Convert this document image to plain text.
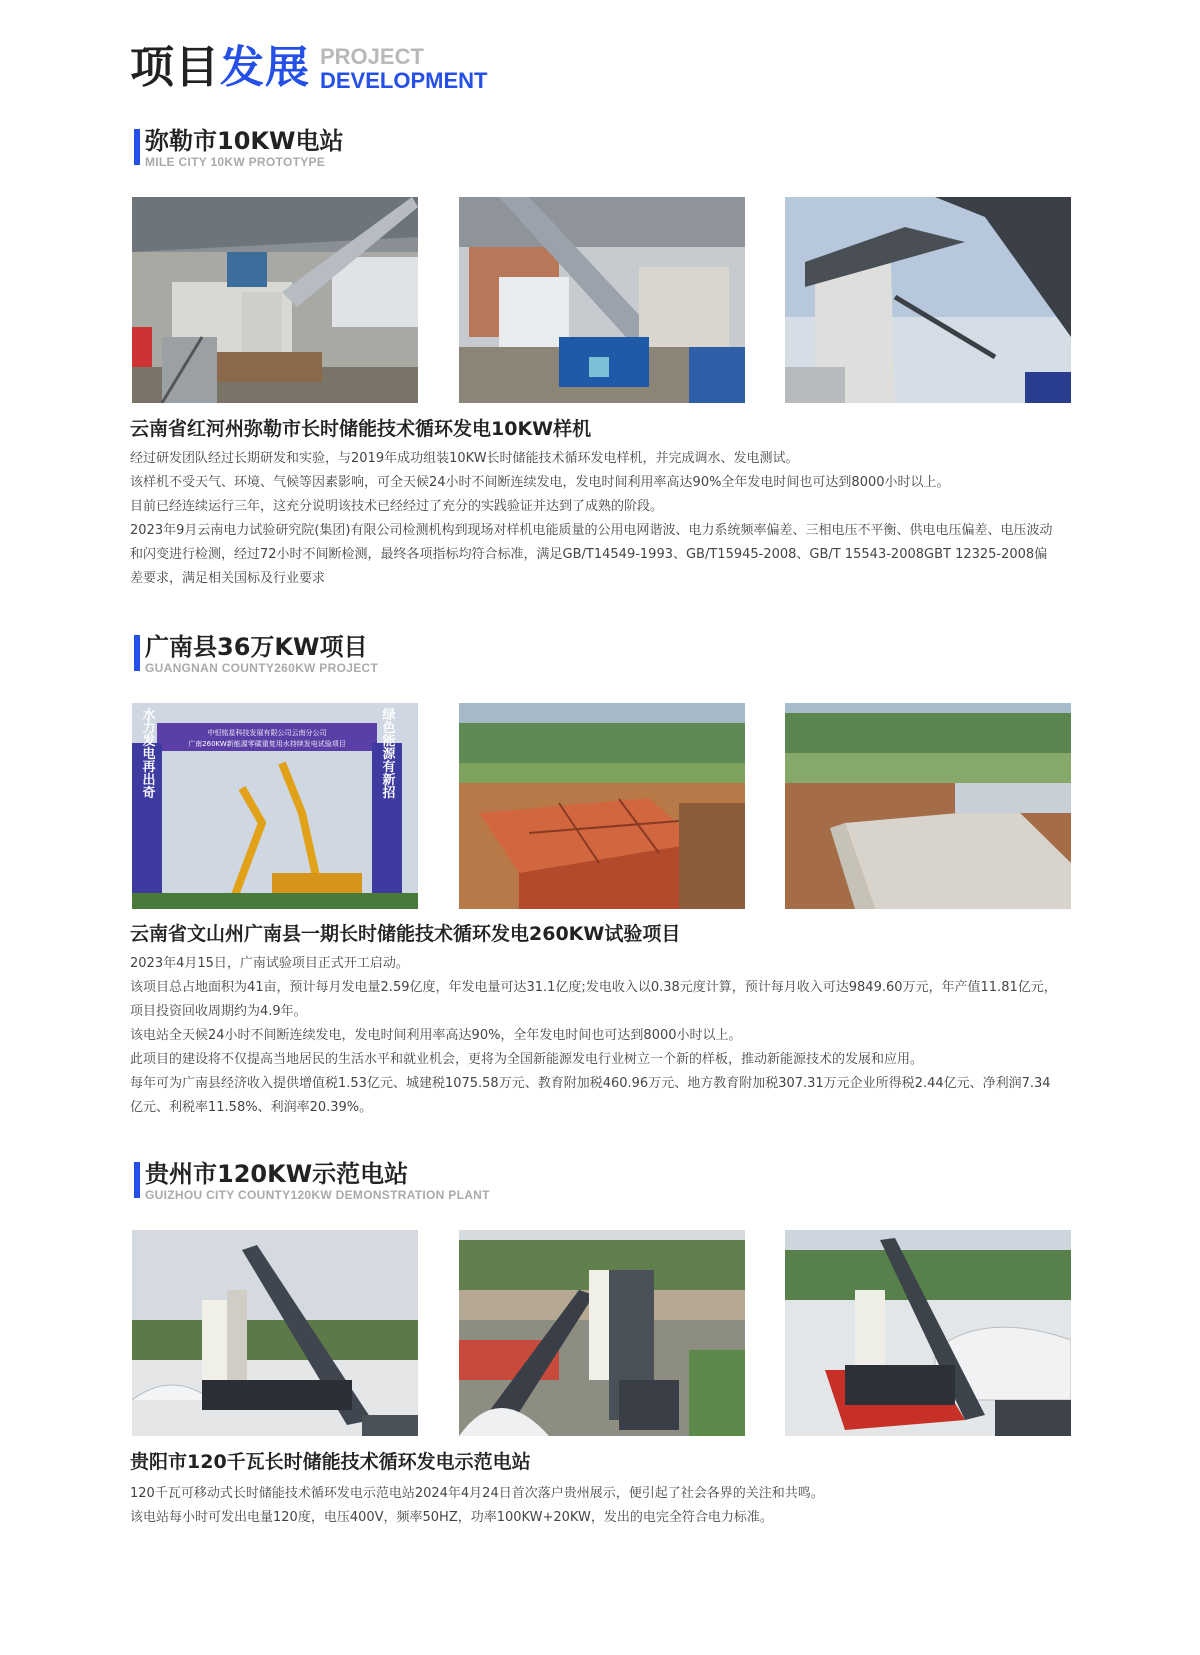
项目发展 PROJECT
DEVELOPMENT
弥勒市10KW电站
MILE CITY 10KW PROTOTYPE
云南省红河州弥勒市长时储能技术循环发电10KW样机

经过研发团队经过长期研发和实验，与2019年成功组装10KW长时储能技术循环发电样机，并完成调水、发电测试。

该样机不受天气、环境、气候等因素影响，可全天候24小时不间断连续发电，发电时间利用率高达90%全年发电时间也可达到8000小时以上。

目前已经连续运行三年，这充分说明该技术已经经过了充分的实践验证并达到了成熟的阶段。

2023年9月云南电力试验研究院(集团)有限公司检测机构到现场对样机电能质量的公用电网谐波、电力系统频率偏差、三相电压不平衡、供电电压偏差、电压波动和闪变进行检测，经过72小时不间断检测，最终各项指标均符合标准，满足GB/T14549-1993、GB/T15945-2008、GB/T 15543-2008GBT 12325-2008偏差要求，满足相关国标及行业要求

广南县36万KW项目
GUANGNAN COUNTY260KW PROJECT
中恒铭星科技发展有限公司云南分公司
广南260KW新能源零碳重复用水持续发电试验项目
水力发电再出奇	绿色能源有新招
云南省文山州广南县一期长时储能技术循环发电260KW试验项目

2023年4月15日，广南试验项目正式开工启动。

该项目总占地面积为41亩，预计每月发电量2.59亿度，年发电量可达31.1亿度;发电收入以0.38元度计算，预计每月收入可达9849.60万元，年产值11.81亿元，项目投资回收周期约为4.9年。

该电站全天候24小时不间断连续发电，发电时间利用率高达90%，全年发电时间也可达到8000小时以上。

此项目的建设将不仅提高当地居民的生活水平和就业机会，更将为全国新能源发电行业树立一个新的样板，推动新能源技术的发展和应用。

每年可为广南县经济收入提供增值税1.53亿元、城建税1075.58万元、教育附加税460.96万元、地方教育附加税307.31万元企业所得税2.44亿元、净利润7.34亿元、利税率11.58%、利润率20.39%。

贵州市120KW示范电站
GUIZHOU CITY COUNTY120KW DEMONSTRATION PLANT
贵阳市120千瓦长时储能技术循环发电示范电站

120千瓦可移动式长时储能技术循环发电示范电站2024年4月24日首次落户贵州展示，便引起了社会各界的关注和共鸣。

该电站每小时可发出电量120度，电压400V，频率50HZ，功率100KW+20KW，发出的电完全符合电力标准。
